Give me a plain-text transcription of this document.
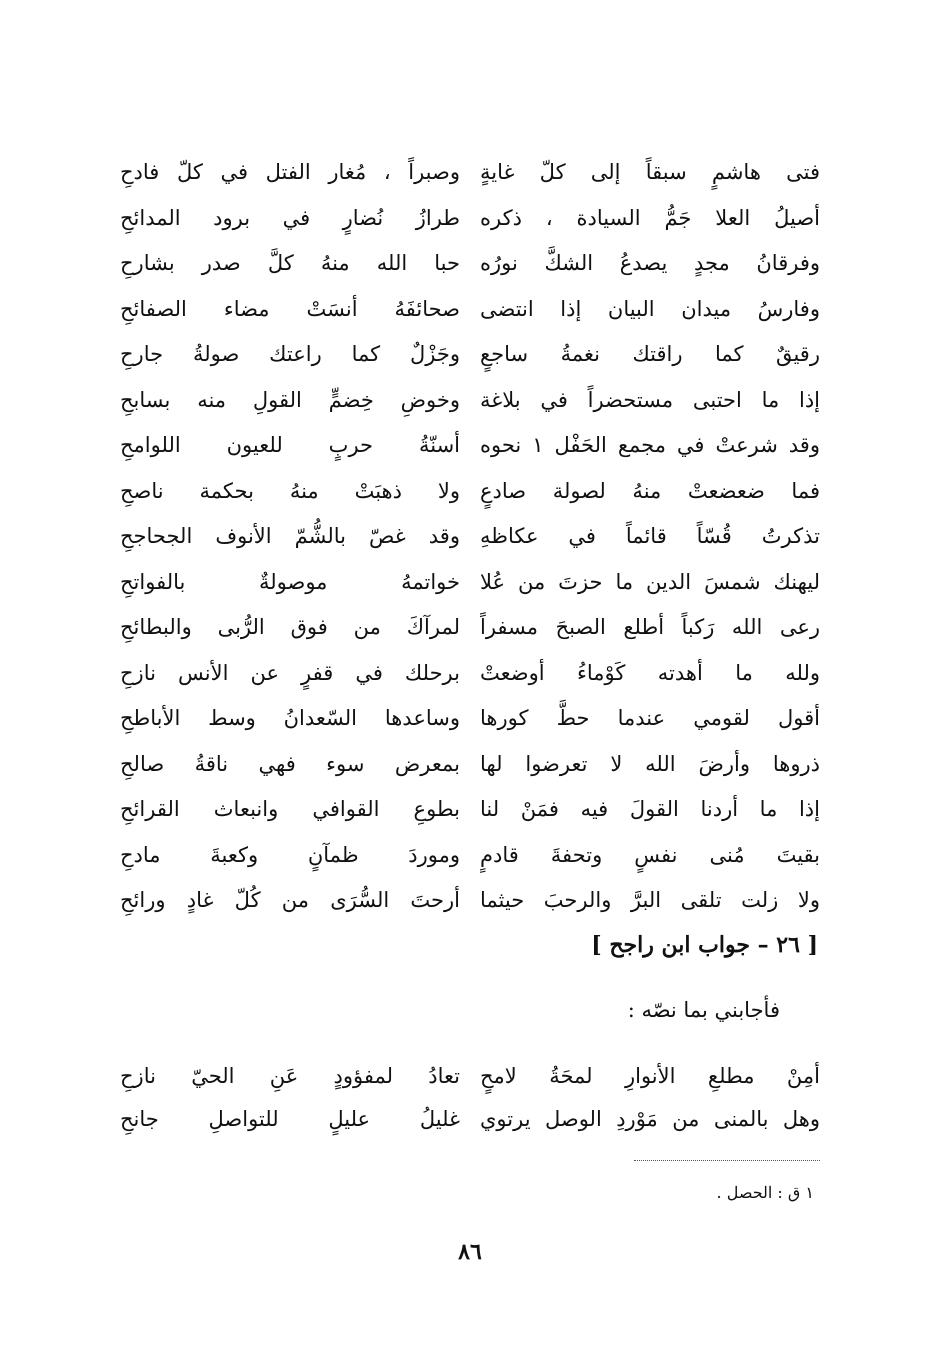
فتى هاشمٍ سبقاً إلى كلّ غايةٍ
وصبراً ، مُغار الفتل في كلّ فادحِ
أصيلُ العلا جَمُّ السيادة ، ذكره
طرازُ نُضارٍ في برود المدائحِ
وفرقانُ مجدٍ يصدعُ الشكَّ نورُه
حبا الله منهُ كلَّ صدر بشارحِ
وفارسُ ميدان البيان إذا انتضى
صحائفَهُ أنسَتْ مضاء الصفائحِ
رقيقٌ كما راقتك نغمةُ ساجعٍ
وجَزْلٌ كما راعتك صولةُ جارحِ
إذا ما احتبى مستحضراً في بلاغة
وخوضِ خِضمٍّ القولِ منه بسابحِ
وقد شرعتْ في مجمع الحَفْل ١ نحوه
أسنّةُ حربٍ للعيون اللوامحِ
فما ضعضعتْ منهُ لصولة صادعٍ
ولا ذهبَتْ منهُ بحكمة ناصحِ
تذكرتُ قُسّاً قائماً في عكاظهِ
وقد غصّ بالشُّمّ الأنوف الجحاجحِ
ليهنك شمسَ الدين ما حزتَ من عُلا
خواتمهُ موصولةٌ بالفواتحِ
رعى الله رَكباً أطلع الصبحَ مسفراً
لمرآكَ من فوق الرُّبى والبطائحِ
ولله ما أهدته كَوْماءُ أوضعتْ
برحلك في قفرٍ عن الأنس نازحِ
أقول لقومي عندما حطَّ كورها
وساعدها السّعدانُ وسط الأباطحِ
ذروها وأرضَ الله لا تعرضوا لها
بمعرض سوء فهي ناقةُ صالحِ
إذا ما أردنا القولَ فيه فمَنْ لنا
بطوعِ القوافي وانبعاث القرائحِ
بقيتَ مُنى نفسٍ وتحفةَ قادمٍ
وموردَ ظمآنٍ وكعبةَ مادحِ
ولا زلت تلقى البرَّ والرحبَ حيثما
أرحتَ السُّرَى من كُلّ غادٍ ورائحِ
[ ٢٦ – جواب ابن راجح ]
فأجابني بما نصّه :
أمِنْ مطلعِ الأنوارِ لمحَةُ لامحٍ
تعادُ لمفؤودٍ عَنِ الحيّ نازحِ
وهل بالمنى من مَوْردِ الوصل يرتوي
غليلُ عليلٍ للتواصلِ جانحِ
١ ق : الحصل .
٨٦
